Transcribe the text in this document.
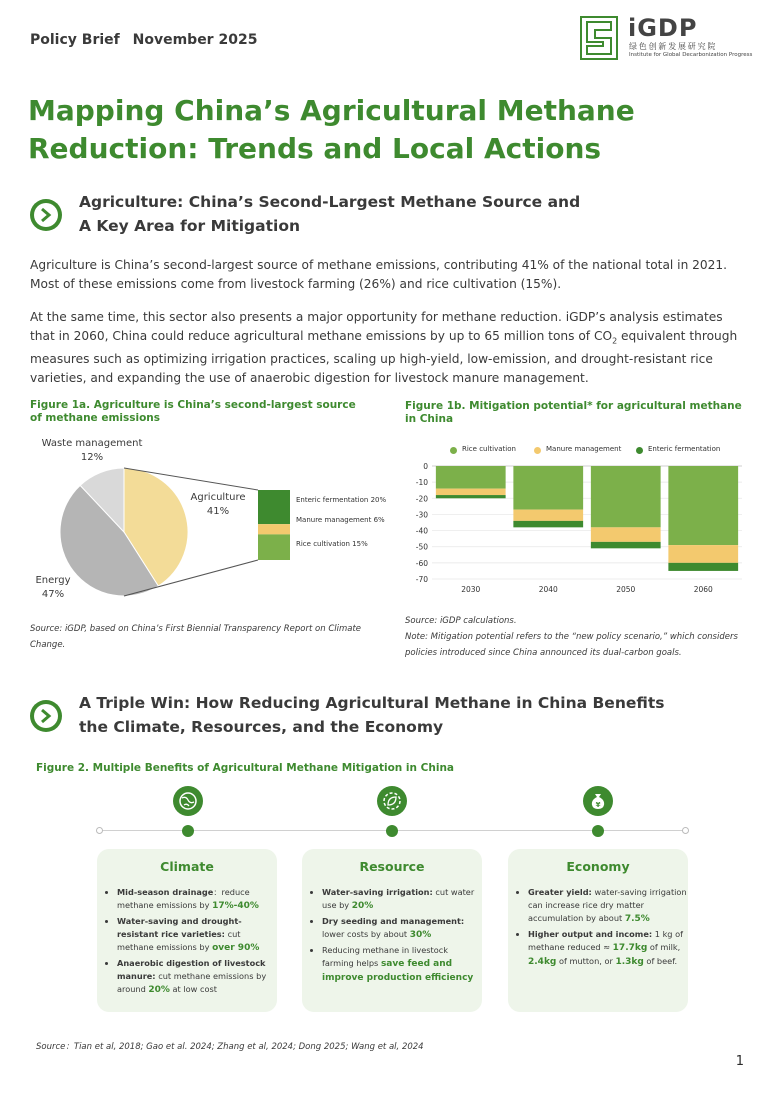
Policy Brief November 2025	iGDP
绿色创新发展研究院
Institute for Global Decarbonization Progress
Mapping China’s Agricultural Methane
Reduction: Trends and Local Actions
Agriculture: China’s Second-Largest Methane Source and
A Key Area for Mitigation
Agriculture is China’s second-largest source of methane emissions, contributing 41% of the national total in 2021. Most of these emissions come from livestock farming (26%) and rice cultivation (15%).
At the same time, this sector also presents a major opportunity for methane reduction. iGDP’s analysis estimates that in 2060, China could reduce agricultural methane emissions by up to 65 million tons of $CO_2$ equivalent through measures such as optimizing irrigation practices, scaling up high-yield, low-emission, and drought-resistant rice varieties, and expanding the use of anaerobic digestion for livestock manure management.
Figure 1a. Agriculture is China’s second-largest source of methane emissions
Waste management
12%
Agriculture
41%
Energy
47%
Enteric fermentation 20%
Manure management 6%
Rice cultivation 15%
Source: iGDP, based on China’s First Biennial Transparency Report on Climate Change.
Figure 1b. Mitigation potential* for agricultural methane in China
Rice cultivation	Manure management	Enteric fermentation
0
-10
-20
-30
-40
-50
-60
-70
2030	2040	2050	2060
Source: iGDP calculations.
Note: Mitigation potential refers to the “new policy scenario,” which considers policies introduced since China announced its dual-carbon goals.
A Triple Win: How Reducing Agricultural Methane in China Benefits
the Climate, Resources, and the Economy
Figure 2. Multiple Benefits of Agricultural Methane Mitigation in China
¥
Climate
• Mid-season drainage：reduce methane emissions by 17%-40%
• Water-saving and drought-resistant rice varieties: cut methane emissions by over 90%
• Anaerobic digestion of livestock manure: cut methane emissions by around 20% at low cost
Resource
• Water-saving irrigation: cut water use by 20%
• Dry seeding and management: lower costs by about 30%
• Reducing methane in livestock farming helps save feed and improve production efficiency
Economy
• Greater yield: water-saving irrigation can increase rice dry matter accumulation by about 7.5%
• Higher output and income: 1 kg of methane reduced ≈ 17.7kg of milk, 2.4kg of mutton, or 1.3kg of beef.
Source：Tian et al, 2018; Gao et al. 2024; Zhang et al, 2024; Dong 2025; Wang et al, 2024
1
